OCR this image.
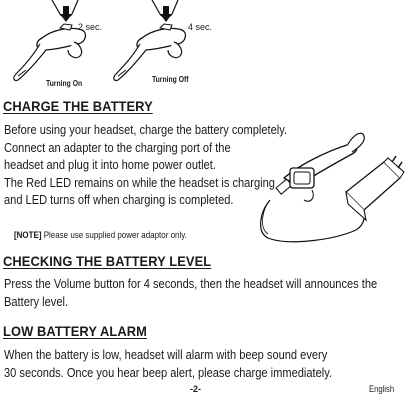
2 sec.
Turning On
4 sec.
Turning Off
CHARGE THE BATTERY
Before using your headset, charge the battery completely.
Connect an adapter to the charging port of the
headset and plug it into home power outlet.
The Red LED remains on while the headset is charging
and LED turns off when charging is completed.
[NOTE] Please use supplied power adaptor only.
CHECKING THE BATTERY LEVEL
Press the Volume button for 4 seconds, then the headset will announces the
Battery level.
LOW BATTERY ALARM
When the battery is low, headset will alarm with beep sound every
30 seconds. Once you hear beep alert, please charge immediately.
-2-	English
